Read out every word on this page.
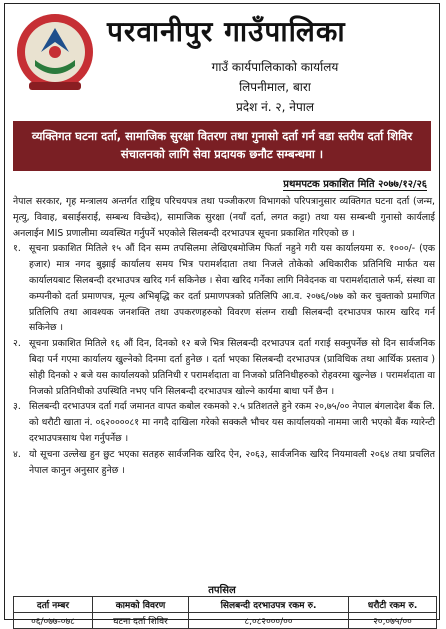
परवानीपुर गाउँपालिका
गाउँ कार्यपालिकाको कार्यालय
लिपनीमाल, बारा
प्रदेश नं. २, नेपाल
व्यक्तिगत घटना दर्ता, सामाजिक सुरक्षा वितरण तथा गुनासो दर्ता गर्न वडा स्तरीय दर्ता शिविर संचालनको लागि सेवा प्रदायक छनौट सम्बन्धमा ।
प्रथमपटक प्रकाशित मिति २०७७/१२/२६

नेपाल सरकार, गृह मन्त्रालय अन्तर्गत राष्ट्रिय परिचयपत्र तथा पञ्जीकरण विभागको परिपत्रानुसार व्यक्तिगत घटना दर्ता (जन्म, मृत्यु, विवाह, बसाईसराई, सम्बन्ध विच्छेद), सामाजिक सुरक्षा (नयाँ दर्ता, लगत कट्टा) तथा यस सम्बन्धी गुनासो कार्यलाई अनलाईन MIS प्रणालीमा व्यवस्थित गर्नुपर्ने भएकोले सिलबन्दी दरभाउपत्र सूचना प्रकाशित गरिएको छ ।

१. सूचना प्रकाशित मितिले १५ औं दिन सम्म तपसिलमा लेखिएबमोजिम फिर्ता नहुने गरी यस कार्यालयमा रु. १०००/- (एक हजार) मात्र नगद बुझाई कार्यालय समय भित्र परामर्शदाता तथा निजले तोकेको अधिकारीक प्रतिनिधि मार्फत यस कार्यालयबाट सिलबन्दी दरभाउपत्र खरिद गर्न सकिनेछ । सेवा खरिद गर्नेका लागि निवेदनक वा परामर्शदाताले फर्म, संस्था वा कम्पनीको दर्ता प्रमाणपत्र, मूल्य अभिबृद्धि कर दर्ता प्रमाणपत्रको प्रतिलिपि आ.व. २०७६/०७७ को कर चुक्ताको प्रमाणित प्रतिलिपि तथा आवश्यक जनशक्ति तथा उपकरणहरुको विवरण संलग्न राखी सिलबन्दी दरभाउपत्र फारम खरिद गर्न सकिनेछ ।
२. सूचना प्रकाशित मितिले १६ औं दिन, दिनको १२ बजे भित्र सिलबन्दी दरभाउपत्र दर्ता गराई सक्नुपर्नेछ सो दिन सार्वजनिक बिदा पर्न गएमा कार्यालय खुल्नेको दिनमा दर्ता हुनेछ । दर्ता भएका सिलबन्दी दरभाउपत्र (प्राविधिक तथा आर्थिक प्रस्ताव ) सोही दिनको २ बजे यस कार्यालयको प्रतिनिधी र परामर्शदाता वा निजको प्रतिनिधीहरुको रोहवरमा खुल्नेछ । परामर्शदाता वा निजको प्रतिनिधीको उपस्थिति नभए पनि सिलबन्दी दरभाउपत्र खोल्ने कार्यमा बाधा पर्ने छैन ।
३. सिलबन्दी दरभाउपत्र दर्ता गर्दा जमानत वापत कबोल रकमको २.५ प्रतिशतले हुने रकम २०,७५/०० नेपाल बंगलादेश बैंक लि. को धरौटी खाता नं. ०६२००००८१ मा नगदै दाखिला गरेको सक्कलै भौचर यस कार्यालयको नाममा जारी भएको बैंक ग्यारेन्टी दरभाउपत्रसाथ पेश गर्नुपर्नेछ ।
४. यो सूचना उल्लेख हुन छुट भएका सतहरु सार्वजनिक खरिद ऐन, २०६३, सार्वजनिक खरिद नियमावली २०६४ तथा प्रचलित नेपाल कानुन अनुसार हुनेछ ।
तपसिल
दर्ता नम्बर	कामको विवरण	सिलबन्दी दरभाउपत्र रकम रु.	धरौटी रकम रु.
०६/०७७-०७८	घटना दर्ता शिविर	८,०८२०००/००	२०,०७५/००
